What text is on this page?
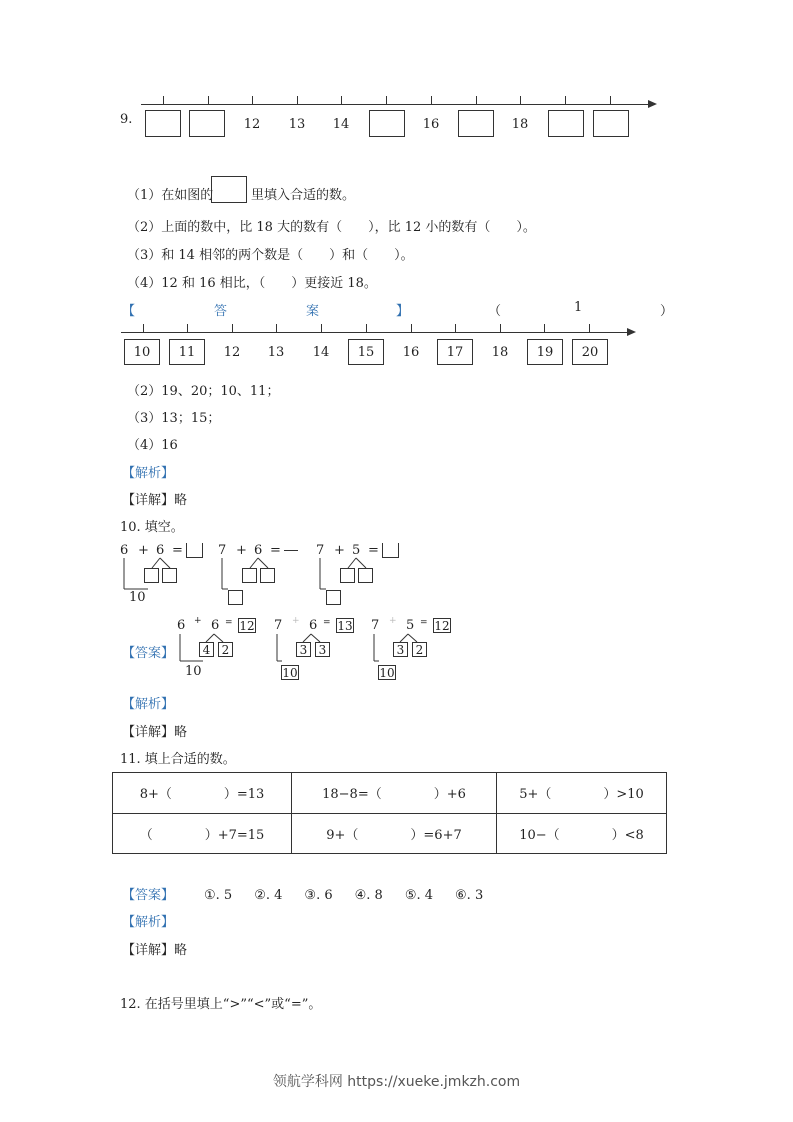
9.	12	13	14	16	18
（1）在如图的	里填入合适的数。
（2）上面的数中，比 18 大的数有（　　），比 12 小的数有（　　）。
（3）和 14 相邻的两个数是（　　）和（　　）。
（4）12 和 16 相比，（　　）更接近 18。
【	答	案	】	（	1	）
10	11	12	13	14	15	16	17	18	19	20
（2）19、20；10、11；
（3）13；15；
（4）16
【解析】
【详解】略
10. 填空。
6 + 6 =
10
7 + 6 =	7 + 5 =
【答案】
6 + 6 = 12
4 2
10
7 + 6 = 13
3 3
10
7 + 5 = 12
3 2
10
【解析】
【详解】略
11. 填上合适的数。
8+（　　　　）=13	18−8=（　　　　）+6	5+（　　　　）>10
（　　　　）+7=15	9+（　　　　）=6+7	10−（　　　　）<8
【答案】 ①. 5 ②. 4 ③. 6 ④. 8 ⑤. 4 ⑥. 3
【解析】
【详解】略
12. 在括号里填上“>”“<”或“=”。
领航学科网 https://xueke.jmkzh.com
